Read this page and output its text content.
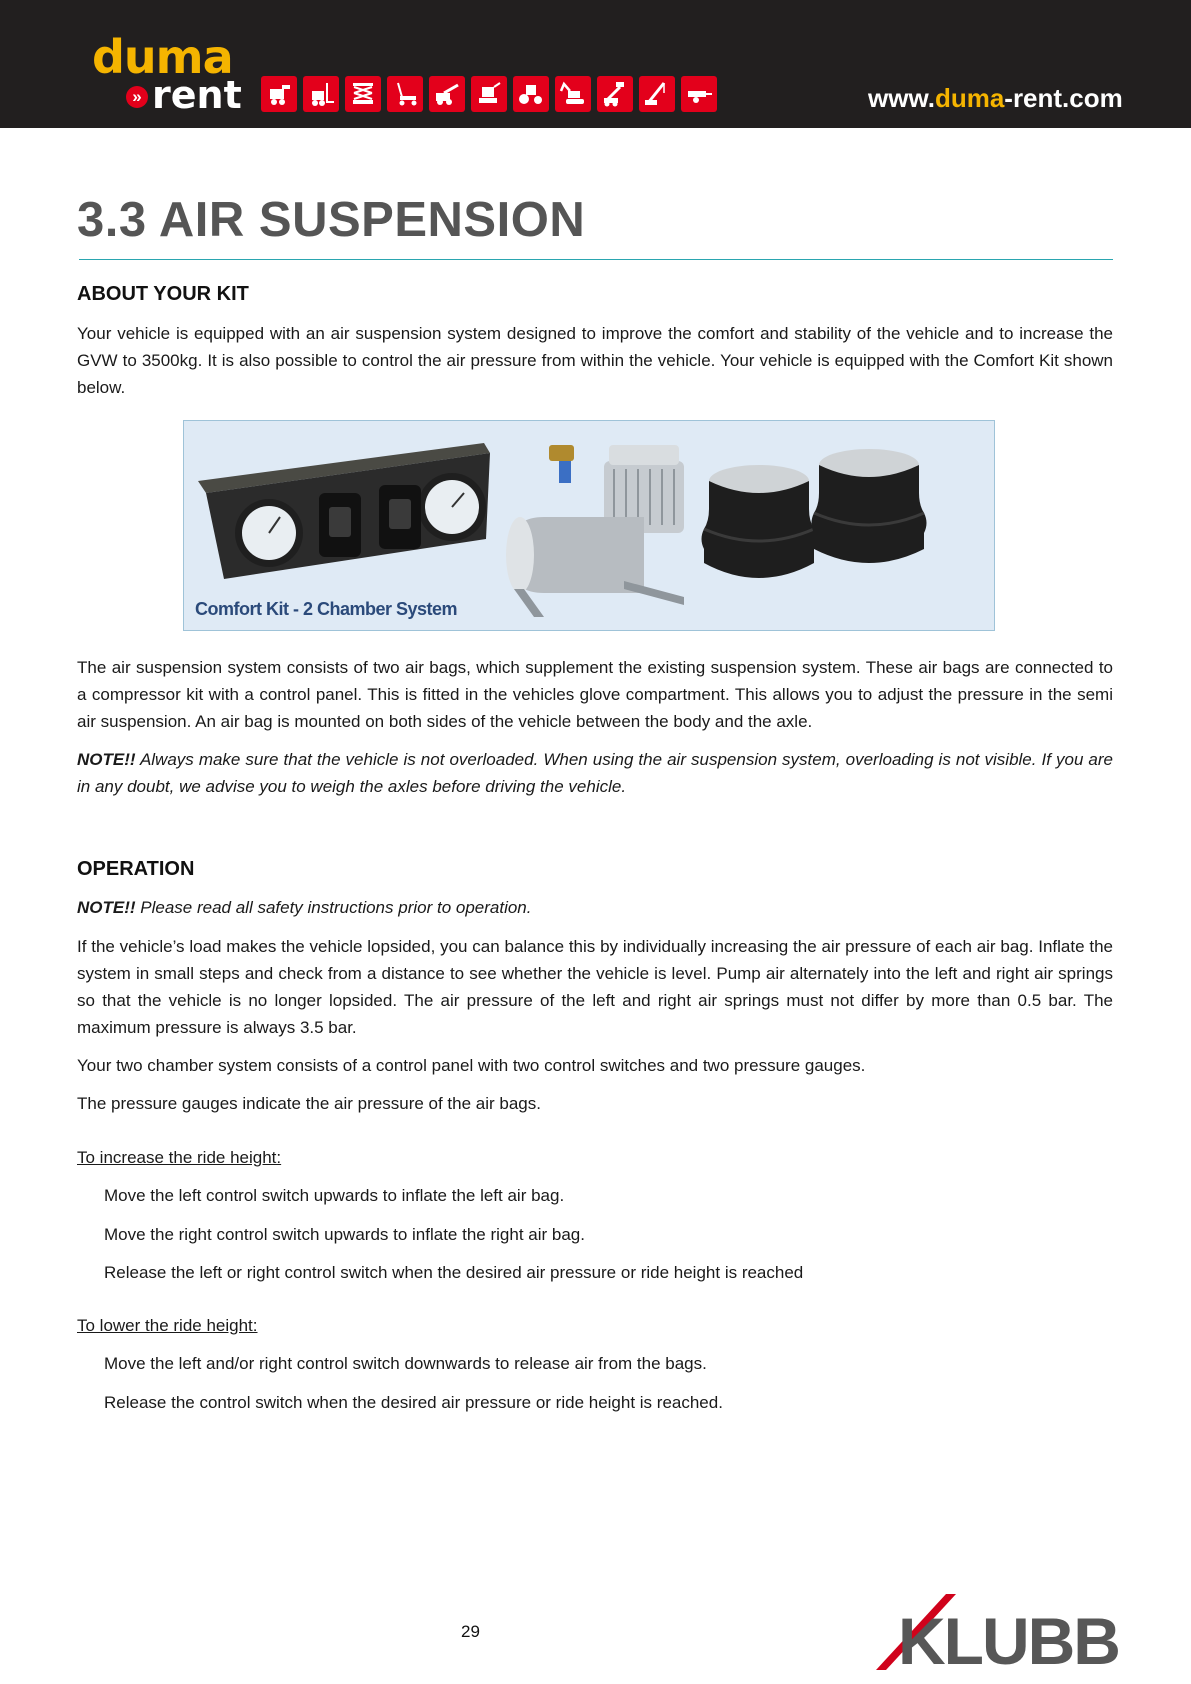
duma
» rent	www.duma-rent.com
3.3 AIR SUSPENSION
ABOUT YOUR KIT
Your vehicle is equipped with an air suspension system designed to improve the comfort and stability of the vehicle and to increase the GVW to 3500kg. It is also possible to control the air pressure from within the vehicle. Your vehicle is equipped with the Comfort Kit shown below.
Comfort Kit - 2 Chamber System
The air suspension system consists of two air bags, which supplement the existing suspension system. These air bags are connected to a compressor kit with a control panel. This is fitted in the vehicles glove compartment. This allows you to adjust the pressure in the semi air suspension. An air bag is mounted on both sides of the vehicle between the body and the axle.
NOTE!! Always make sure that the vehicle is not overloaded. When using the air suspension system, overloading is not visible. If you are in any doubt, we advise you to weigh the axles before driving the vehicle.
OPERATION
NOTE!! Please read all safety instructions prior to operation.
If the vehicle’s load makes the vehicle lopsided, you can balance this by individually increasing the air pressure of each air bag. Inflate the system in small steps and check from a distance to see whether the vehicle is level. Pump air alternately into the left and right air springs so that the vehicle is no longer lopsided. The air pressure of the left and right air springs must not differ by more than 0.5 bar. The maximum pressure is always 3.5 bar.
Your two chamber system consists of a control panel with two control switches and two pressure gauges.
The pressure gauges indicate the air pressure of the air bags.
To increase the ride height:
Move the left control switch upwards to inflate the left air bag.
Move the right control switch upwards to inflate the right air bag.
Release the left or right control switch when the desired air pressure or ride height is reached
To lower the ride height:
Move the left and/or right control switch downwards to release air from the bags.
Release the control switch when the desired air pressure or ride height is reached.
29	KLUBB
